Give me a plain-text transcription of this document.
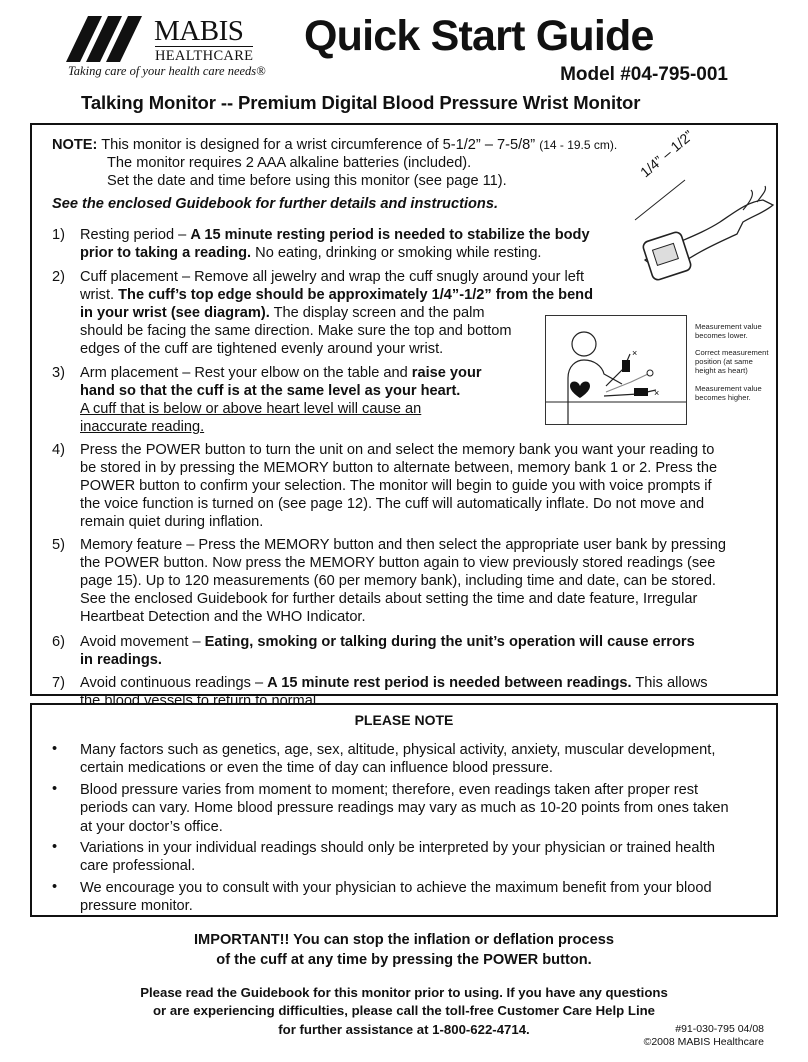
MABIS
HEALTHCARE
Taking care of your health care needs®
Quick Start Guide
Model #04-795-001
Talking Monitor -- Premium Digital Blood Pressure Wrist Monitor
NOTE: This monitor is designed for a wrist circumference of 5-1/2” – 7-5/8” (14 - 19.5 cm).
The monitor requires 2 AAA alkaline batteries (included).
Set the date and time before using this monitor (see page 11).
See the enclosed Guidebook for further details and instructions.
1) Resting period – A 15 minute resting period is needed to stabilize the body
prior to taking a reading. No eating, drinking or smoking while resting.
2) Cuff placement – Remove all jewelry and wrap the cuff snugly around your left
wrist. The cuff’s top edge should be approximately 1/4”-1/2” from the bend
in your wrist (see diagram). The display screen and the palm
should be facing the same direction. Make sure the top and bottom
edges of the cuff are tightened evenly around your wrist.
3) Arm placement – Rest your elbow on the table and raise your
hand so that the cuff is at the same level as your heart.
A cuff that is below or above heart level will cause an
inaccurate reading.
4) Press the POWER button to turn the unit on and select the memory bank you want your reading to
be stored in by pressing the MEMORY button to alternate between, memory bank 1 or 2. Press the
POWER button to confirm your selection. The monitor will begin to guide you with voice prompts if
the voice function is turned on (see page 12). The cuff will automatically inflate. Do not move and
remain quiet during inflation.
5) Memory feature – Press the MEMORY button and then select the appropriate user bank by pressing
the POWER button. Now press the MEMORY button again to view previously stored readings (see
page 15). Up to 120 measurements (60 per memory bank), including time and date, can be stored.
See the enclosed Guidebook for further details about setting the time and date feature, Irregular
Heartbeat Detection and the WHO Indicator.
6) Avoid movement – Eating, smoking or talking during the unit’s operation will cause errors
in readings.
7) Avoid continuous readings – A 15 minute rest period is needed between readings. This allows
1/4” – 1/2”
×
×
Measurement value
becomes lower.
Correct measurement
position (at same
height as heart)
Measurement value
becomes higher.
PLEASE NOTE
• Many factors such as genetics, age, sex, altitude, physical activity, anxiety, muscular development,
certain medications or even the time of day can influence blood pressure.
• Blood pressure varies from moment to moment; therefore, even readings taken after proper rest
periods can vary. Home blood pressure readings may vary as much as 10-20 points from ones taken
at your doctor’s office.
• Variations in your individual readings should only be interpreted by your physician or trained health
care professional.
• We encourage you to consult with your physician to achieve the maximum benefit from your blood
pressure monitor.
IMPORTANT!! You can stop the inflation or deflation process
of the cuff at any time by pressing the POWER button.
Please read the Guidebook for this monitor prior to using. If you have any questions
or are experiencing difficulties, please call the toll-free Customer Care Help Line
for further assistance at 1-800-622-4714.	#91-030-795 04/08
©2008 MABIS Healthcare
the blood vessels to return to normal.
